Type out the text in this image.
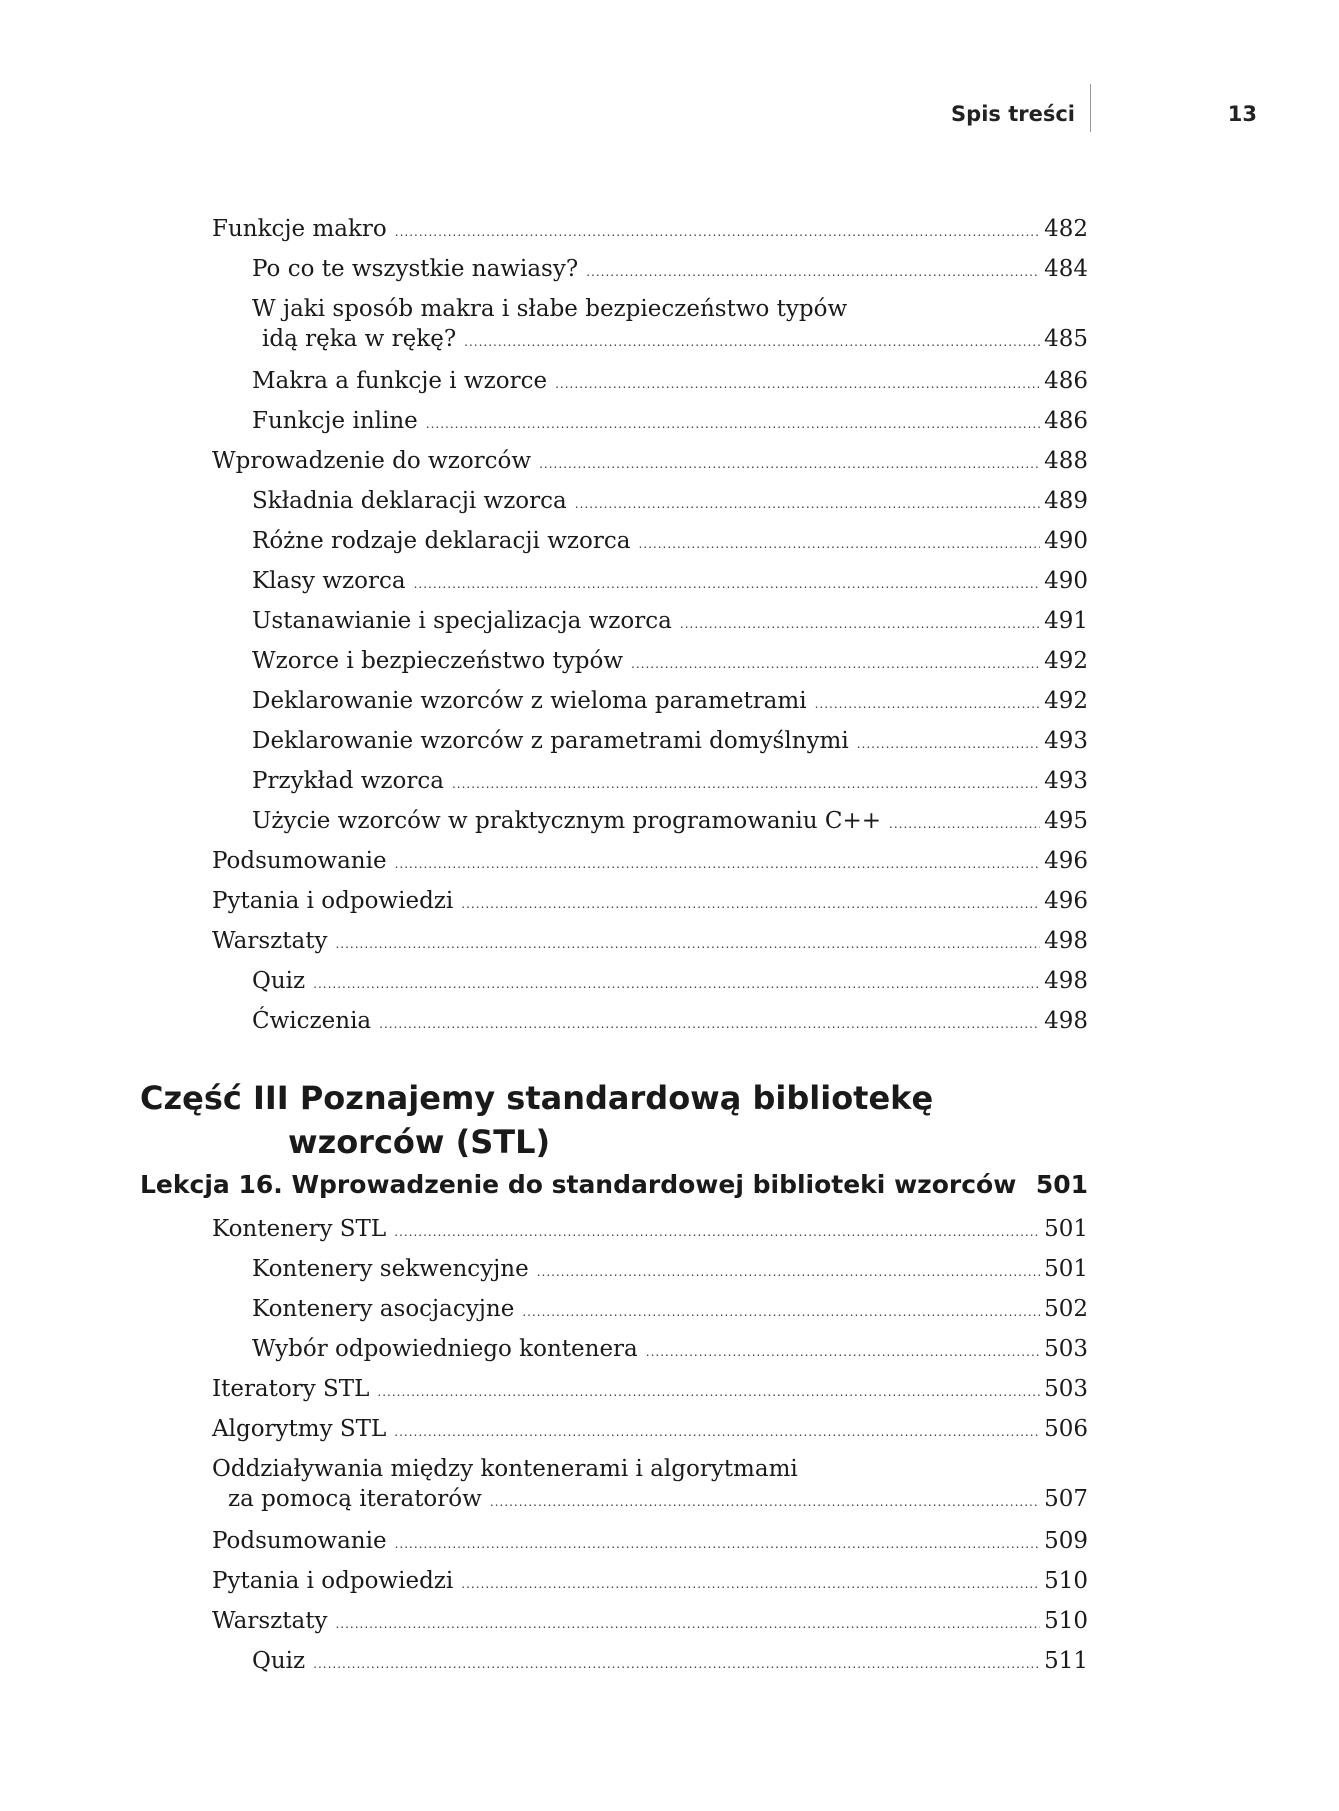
Spis treści	13
Funkcje makro .....	482
Po co te wszystkie nawiasy? .....	484
W jaki sposób makra i słabe bezpieczeństwo typów
idą ręka w rękę? .....	485
Makra a funkcje i wzorce .....	486
Funkcje inline .....	486
Wprowadzenie do wzorców .....	488
Składnia deklaracji wzorca .....	489
Różne rodzaje deklaracji wzorca .....	490
Klasy wzorca .....	490
Ustanawianie i specjalizacja wzorca .....	491
Wzorce i bezpieczeństwo typów .....	492
Deklarowanie wzorców z wieloma parametrami .....	492
Deklarowanie wzorców z parametrami domyślnymi .....	493
Przykład wzorca .....	493
Użycie wzorców w praktycznym programowaniu C++ .....	495
Podsumowanie .....	496
Pytania i odpowiedzi .....	496
Warsztaty .....	498
Quiz .....	498
Ćwiczenia .....	498
Część III Poznajemy standardową bibliotekę
wzorców (STL)
Lekcja 16. Wprowadzenie do standardowej biblioteki wzorców 501
Kontenery STL .....	501
Kontenery sekwencyjne .....	501
Kontenery asocjacyjne .....	502
Wybór odpowiedniego kontenera .....	503
Iteratory STL .....	503
Algorytmy STL .....	506
Oddziaływania między kontenerami i algorytmami
za pomocą iteratorów .....	507
Podsumowanie .....	509
Pytania i odpowiedzi .....	510
Warsztaty .....	510
Quiz .....	511
